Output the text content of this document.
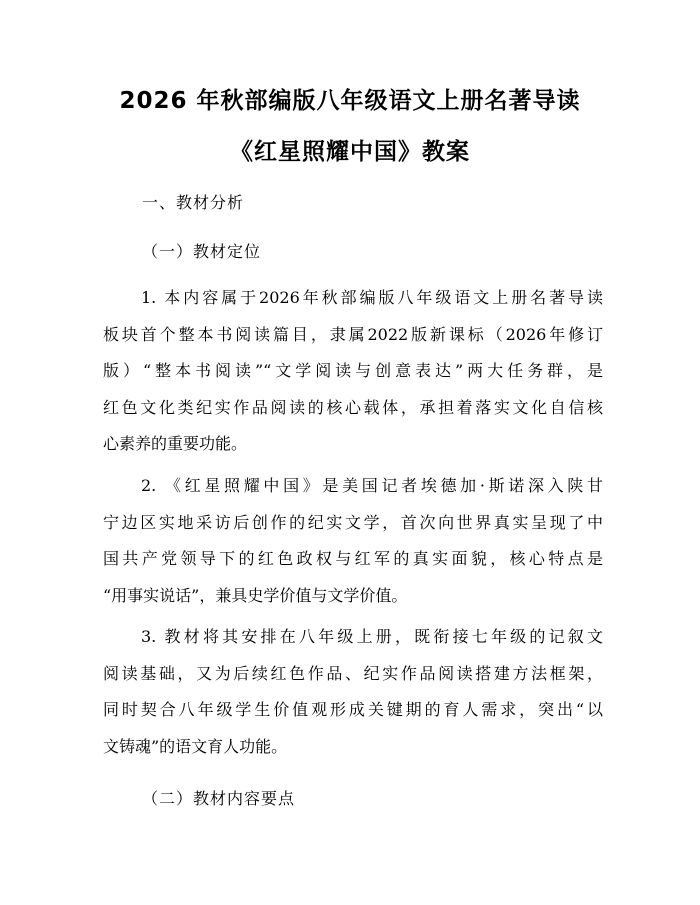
2026 年秋部编版八年级语文上册名著导读
《红星照耀中国》教案
一、教材分析
（一）教材定位
1. 本内容属于2026年秋部编版八年级语文上册名著导读
板块首个整本书阅读篇目，隶属2022版新课标（2026年修订
版）“整本书阅读”“文学阅读与创意表达”两大任务群，是
红色文化类纪实作品阅读的核心载体，承担着落实文化自信核
心素养的重要功能。
2. 《红星照耀中国》是美国记者埃德加·斯诺深入陕甘
宁边区实地采访后创作的纪实文学，首次向世界真实呈现了中
国共产党领导下的红色政权与红军的真实面貌，核心特点是
“用事实说话”，兼具史学价值与文学价值。
3. 教材将其安排在八年级上册，既衔接七年级的记叙文
阅读基础，又为后续红色作品、纪实作品阅读搭建方法框架，
同时契合八年级学生价值观形成关键期的育人需求，突出“以
文铸魂”的语文育人功能。
（二）教材内容要点
